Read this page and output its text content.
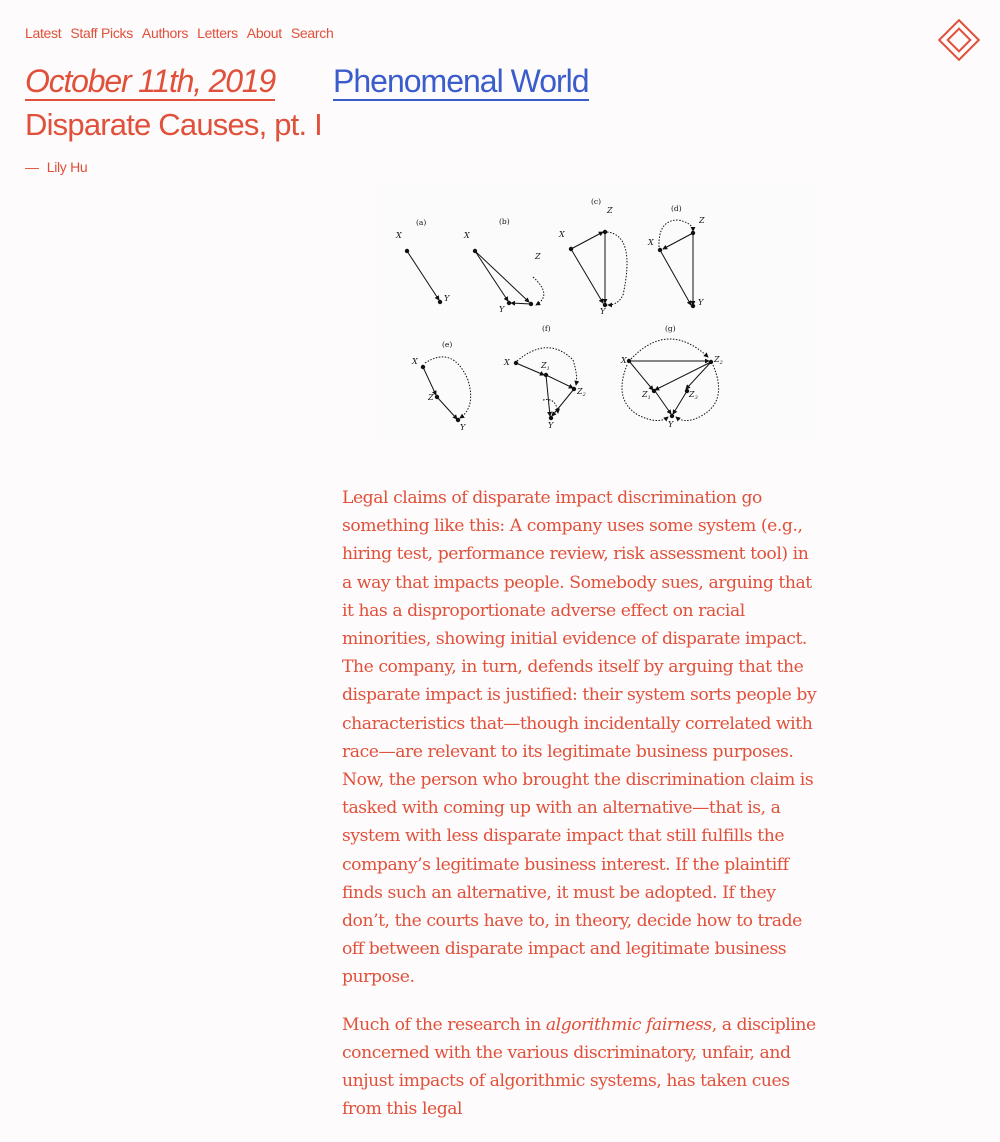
Latest Staff Picks Authors Letters About Search
October 11th, 2019 Phenomenal World
Disparate Causes, pt. I
— Lily Hu
(a)	(b)
(c)
(d)
(e)
(f)	(g)
X
Y
X
Z
Y
X
Z
Y
X
Z
Y
X
Z
Y
X	$Z_1$
$Z_2$
Y
X	$Z_2$
$Z_1$	$Z_3$
Y

Legal claims of disparate impact discrimination go something like this: A company uses some system (e.g., hiring test, performance review, risk assessment tool) in a way that impacts people. Somebody sues, arguing that it has a disproportionate adverse effect on racial minorities, showing initial evidence of disparate impact. The company, in turn, defends itself by arguing that the disparate impact is justified: their system sorts people by characteristics that—though incidentally correlated with race—are relevant to its legitimate business purposes. Now, the person who brought the discrimination claim is tasked with coming up with an alternative—that is, a system with less disparate impact that still fulfills the company’s legitimate business interest. If the plaintiff finds such an alternative, it must be adopted. If they don’t, the courts have to, in theory, decide how to trade off between disparate impact and legitimate business purpose.

Much of the research in algorithmic fairness, a discipline concerned with the various discriminatory, unfair, and unjust impacts of algorithmic systems, has taken cues from this legal
